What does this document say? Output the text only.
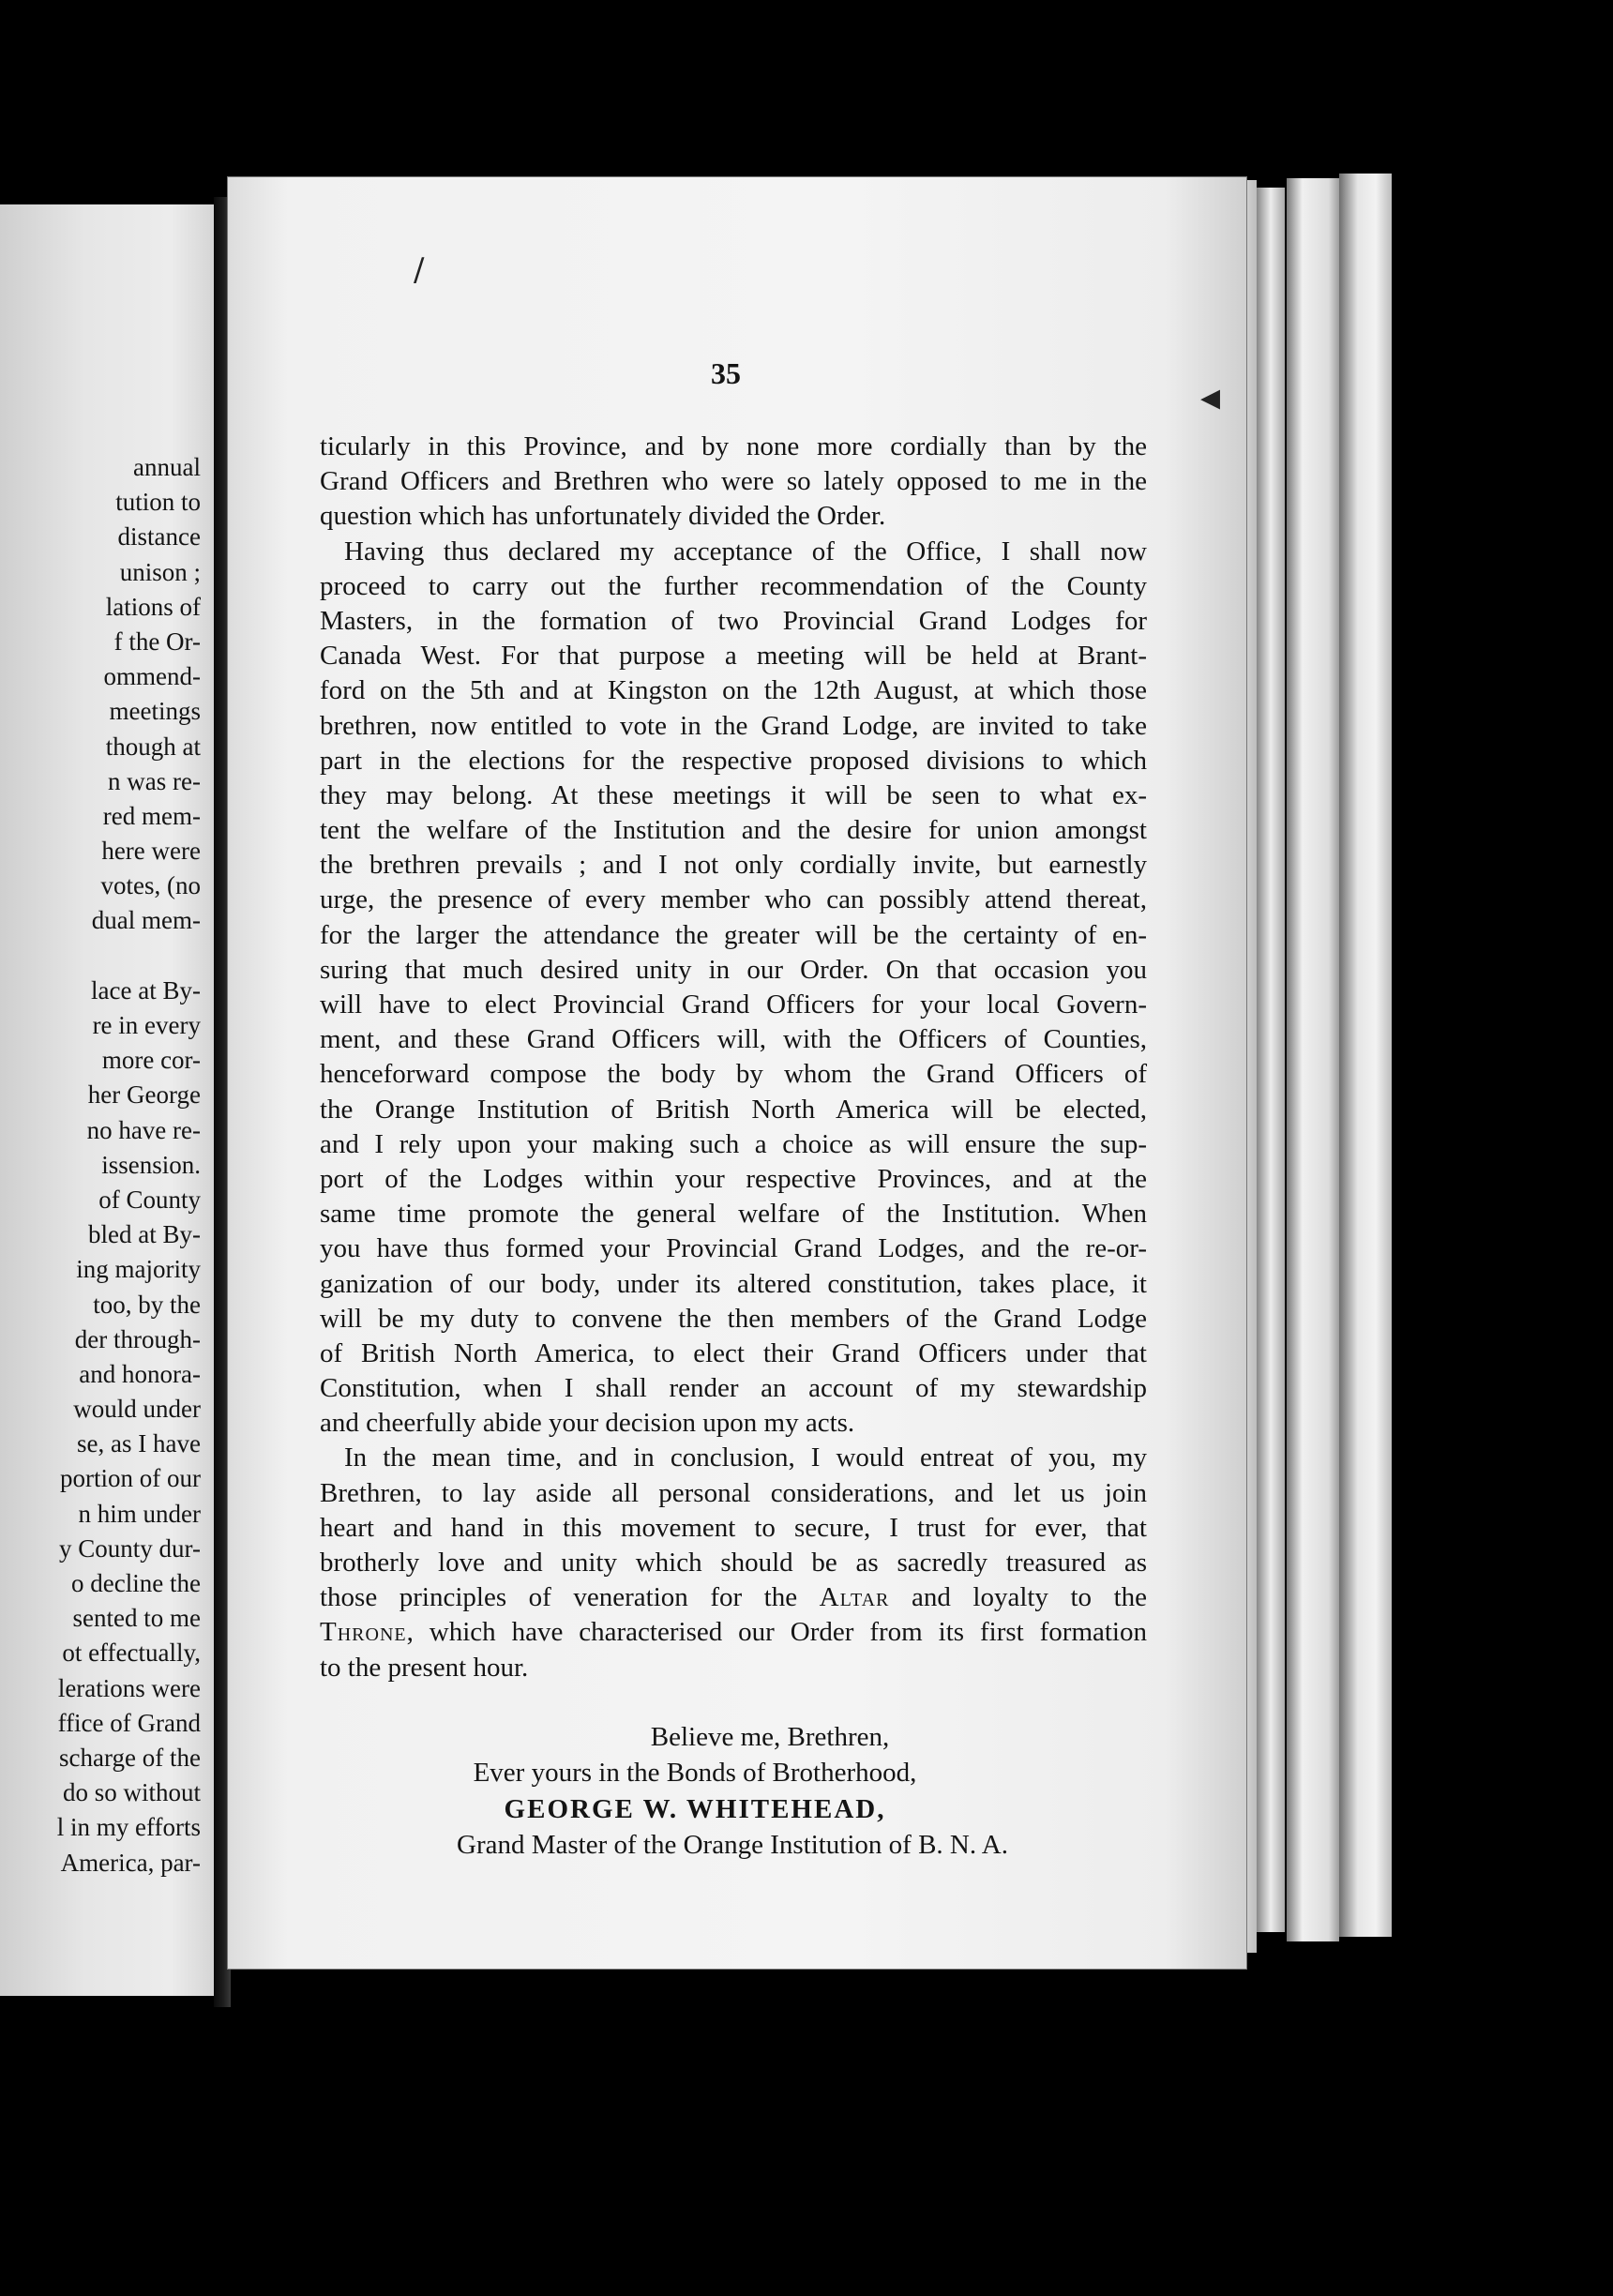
annual
tution to
distance
unison ;
lations of
f the Or-
ommend-
meetings
though at
n was re-
red mem-
here were
votes, (no
dual mem-
lace at By-
re in every
more cor-
her George
no have re-
issension.
of County
bled at By-
ing majority
too, by the
der through-
and honora-
would under
se, as I have
portion of our
n him under
y County dur-
o decline the
sented to me
ot effectually,
lerations were
ffice of Grand
scharge of the
do so without
l in my efforts
America, par-
/
◂
35
ticularly in this Province, and by none more cordially than by the
Grand Officers and Brethren who were so lately opposed to me in the
question which has unfortunately divided the Order.
Having thus declared my acceptance of the Office, I shall now
proceed to carry out the further recommendation of the County
Masters, in the formation of two Provincial Grand Lodges for
Canada West. For that purpose a meeting will be held at Brant-
ford on the 5th and at Kingston on the 12th August, at which those
brethren, now entitled to vote in the Grand Lodge, are invited to take
part in the elections for the respective proposed divisions to which
they may belong. At these meetings it will be seen to what ex-
tent the welfare of the Institution and the desire for union amongst
the brethren prevails ; and I not only cordially invite, but earnestly
urge, the presence of every member who can possibly attend thereat,
for the larger the attendance the greater will be the certainty of en-
suring that much desired unity in our Order. On that occasion you
will have to elect Provincial Grand Officers for your local Govern-
ment, and these Grand Officers will, with the Officers of Counties,
henceforward compose the body by whom the Grand Officers of
the Orange Institution of British North America will be elected,
and I rely upon your making such a choice as will ensure the sup-
port of the Lodges within your respective Provinces, and at the
same time promote the general welfare of the Institution. When
you have thus formed your Provincial Grand Lodges, and the re-or-
ganization of our body, under its altered constitution, takes place, it
will be my duty to convene the then members of the Grand Lodge
of British North America, to elect their Grand Officers under that
Constitution, when I shall render an account of my stewardship
and cheerfully abide your decision upon my acts.
In the mean time, and in conclusion, I would entreat of you, my
Brethren, to lay aside all personal considerations, and let us join
heart and hand in this movement to secure, I trust for ever, that
brotherly love and unity which should be as sacredly treasured as
those principles of veneration for the Altar and loyalty to the
Throne, which have characterised our Order from its first formation
to the present hour.
Believe me, Brethren,
Ever yours in the Bonds of Brotherhood,
GEORGE W. WHITEHEAD,
Grand Master of the Orange Institution of B. N. A.
